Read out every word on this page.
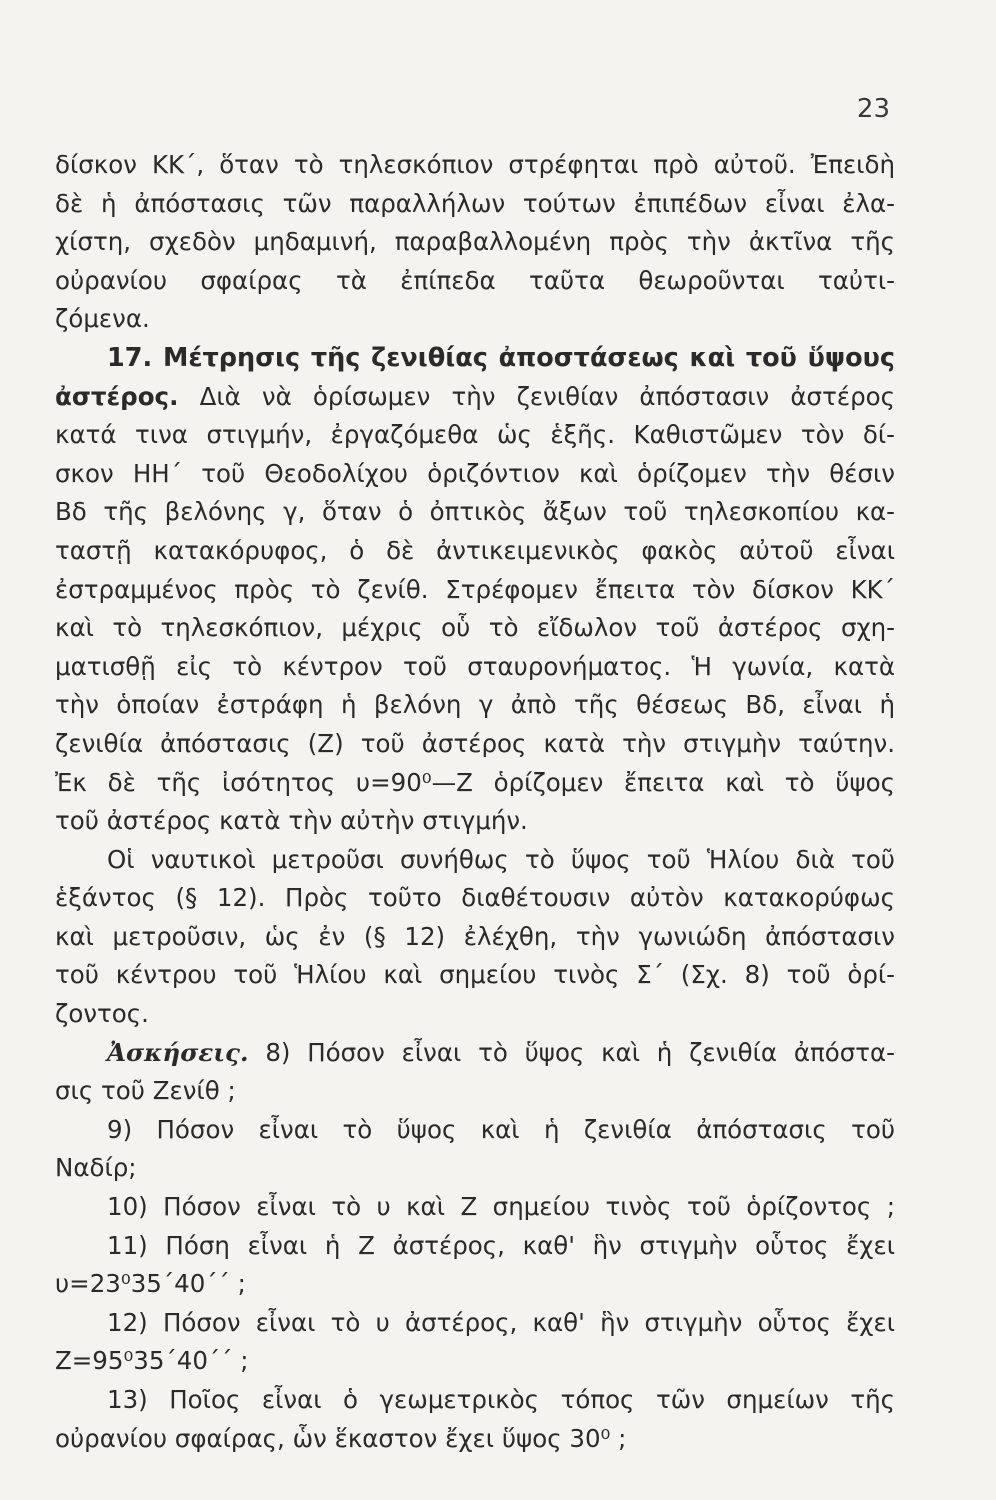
23
δίσκον ΚΚ΄, ὅταν τὸ τηλεσκόπιον στρέφηται πρὸ αὐτοῦ. Ἐπειδὴ
δὲ ἡ ἀπόστασις τῶν παραλλήλων τούτων ἐπιπέδων εἶναι ἐλα-
χίστη, σχεδὸν μηδαμινή, παραβαλλομένη πρὸς τὴν ἀκτῖνα τῆς
οὐρανίου σφαίρας τὰ ἐπίπεδα ταῦτα θεωροῦνται ταὐτι-
ζόμενα.
17. Μέτρησις τῆς ζενιθίας ἀποστάσεως καὶ τοῦ ὕψους
ἀστέρος. Διὰ νὰ ὁρίσωμεν τὴν ζενιθίαν ἀπόστασιν ἀστέρος
κατά τινα στιγμήν, ἐργαζόμεθα ὡς ἑξῆς. Καθιστῶμεν τὸν δί-
σκον ΗΗ΄ τοῦ Θεοδολίχου ὁριζόντιον καὶ ὁρίζομεν τὴν θέσιν
Βδ τῆς βελόνης γ, ὅταν ὁ ὀπτικὸς ἄξων τοῦ τηλεσκοπίου κα-
ταστῇ κατακόρυφος, ὁ δὲ ἀντικειμενικὸς φακὸς αὐτοῦ εἶναι
ἐστραμμένος πρὸς τὸ ζενίθ. Στρέφομεν ἔπειτα τὸν δίσκον ΚΚ΄
καὶ τὸ τηλεσκόπιον, μέχρις οὗ τὸ εἴδωλον τοῦ ἀστέρος σχη-
ματισθῇ εἰς τὸ κέντρον τοῦ σταυρονήματος. Ἡ γωνία, κατὰ
τὴν ὁποίαν ἐστράφη ἡ βελόνη γ ἀπὸ τῆς θέσεως Βδ, εἶναι ἡ
ζενιθία ἀπόστασις (Ζ) τοῦ ἀστέρος κατὰ τὴν στιγμὴν ταύτην.
Ἐκ δὲ τῆς ἰσότητος υ=90⁰—Ζ ὁρίζομεν ἔπειτα καὶ τὸ ὕψος
τοῦ ἀστέρος κατὰ τὴν αὐτὴν στιγμήν.
Οἱ ναυτικοὶ μετροῦσι συνήθως τὸ ὕψος τοῦ Ἡλίου διὰ τοῦ
ἑξάντος (§ 12). Πρὸς τοῦτο διαθέτουσιν αὐτὸν κατακορύφως
καὶ μετροῦσιν, ὡς ἐν (§ 12) ἐλέχθη, τὴν γωνιώδη ἀπόστασιν
τοῦ κέντρου τοῦ Ἡλίου καὶ σημείου τινὸς Σ΄ (Σχ. 8) τοῦ ὁρί-
ζοντος.
Ἀσκήσεις. 8) Πόσον εἶναι τὸ ὕψος καὶ ἡ ζενιθία ἀπόστα-
σις τοῦ Ζενίθ ;
9) Πόσον εἶναι τὸ ὕψος καὶ ἡ ζενιθία ἀπόστασις τοῦ
Ναδίρ;
10) Πόσον εἶναι τὸ υ καὶ Ζ σημείου τινὸς τοῦ ὁρίζοντος ;
11) Πόση εἶναι ἡ Ζ ἀστέρος, καθ' ἣν στιγμὴν οὗτος ἔχει
υ=23⁰35΄40΄΄ ;
12) Πόσον εἶναι τὸ υ ἀστέρος, καθ' ἣν στιγμὴν οὗτος ἔχει
Ζ=95⁰35΄40΄΄ ;
13) Ποῖος εἶναι ὁ γεωμετρικὸς τόπος τῶν σημείων τῆς
οὐρανίου σφαίρας, ὧν ἕκαστον ἔχει ὕψος 30⁰ ;
